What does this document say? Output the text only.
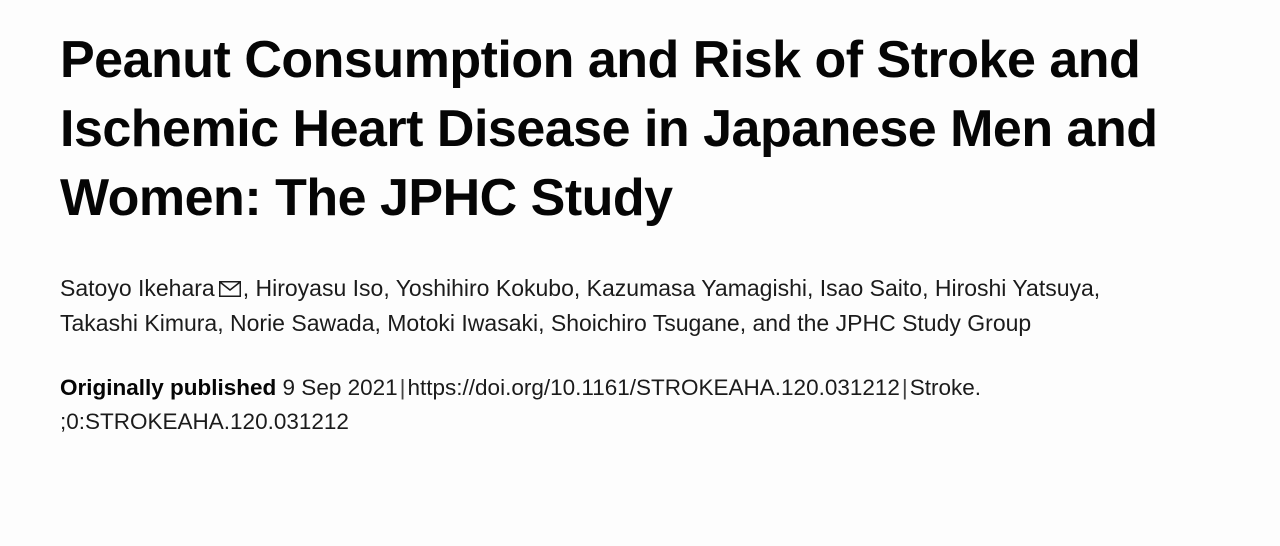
Peanut Consumption and Risk of Stroke and Ischemic Heart Disease in Japanese Men and Women: The JPHC Study
Satoyo Ikehara , Hiroyasu Iso, Yoshihiro Kokubo, Kazumasa Yamagishi, Isao Saito, Hiroshi Yatsuya, Takashi Kimura, Norie Sawada, Motoki Iwasaki, Shoichiro Tsugane, and the JPHC Study Group
Originally published 9 Sep 2021|https://doi.org/10.1161/STROKEAHA.120.031212|Stroke. ;0:STROKEAHA.120.031212
